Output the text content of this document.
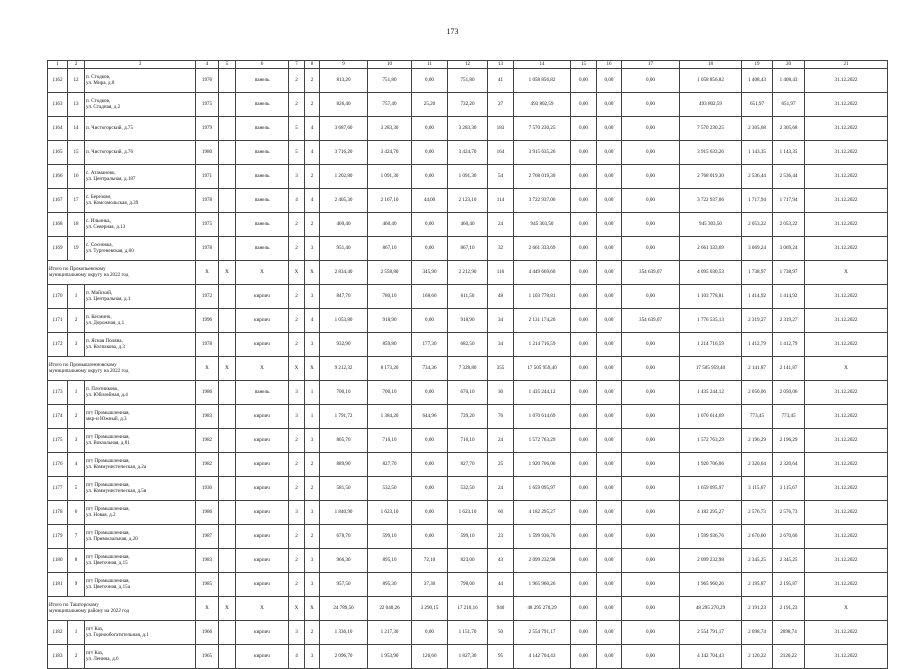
173
1	2	3	4	5	6	7	8	9	10	11	12	13	14	15	16	17	18	19	20	21
1162	12	п. Стодков,
ул. Мира, д.8	1976		панель	2	2	813,20	751,80	0,00	751,80	41	1 058 856,82	0,00	0,00	0,00	1 058 856,82	1 408,43	1 408,43	31.12.2022
1163	13	п. Стодков,
ул. Стадная, д.2	1975		панель	2	2	826,40	757,40	25,20	732,20	27	493 802,59	0,00	0,00	0,00	493 802,59	651,97	651,97	31.12.2022
1164	14	п. Чистогорский, д.75	1979		панель	5	4	3 687,60	3 283,30	0,00	3 283,30	183	7 570 230,25	0,00	0,00	0,00	7 570 230,25	2 305,68	2 305,68	31.12.2022
1165	15	п. Чистогорский, д.76	1980		панель	5	4	3 716,20	3 424,70	0,00	3 424,70	164	3 915 635,26	0,00	0,00	0,00	3 915 633,26	1 143,35	1 143,35	31.12.2022
1166	16	с. Атаманово,
ул. Центральная, д.187	1971		панель	3	2	1 202,80	1 091,30	0,00	1 091,30	54	2 768 019,30	0,00	0,00	0,00	2 768 019,30	2 536,44	2 536,44	31.12.2022
1167	17	с. Березово,
ул. Комсомольская, д.39	1978		панель	4	4	2 405,30	2 167,10	44,00	2 123,10	114	3 722 937,06	0,00	0,00	0,00	3 722 937,06	1 717,94	1 717,94	31.12.2022
1168	18	с. Ильинка,
ул. Северная, д.13	1975		панель	2	2	460,40	460,40	0,00	460,40	24	945 303,50	0,00	0,00	0,00	945 303,50	2 053,22	2 053,22	31.12.2022
1169	19	с. Сосновка,
ул. Тургеневская, д.60	1978		панель	2	3	951,40	867,10	0,00	867,10	32	2 661 333,69	0,00	0,00	0,00	2 661 333,69	3 069,24	3 069,24	31.12.2022
Итого по Прокопьевскому
муниципальному округу на 2022 год			X	X	X	X	X	2 834,40	2 558,80	345,90	2 212,90	116	4 449 669,60	0,00	0,00	354 639,07	4 095 030,53	1 738,97	1 738,97	X
1170	1	п. Майский,
ул. Центральная, д.1	1972		кирпич	2	3	847,70	780,10	168,60	611,50	48	1 103 778,81	0,00	0,00	0,00	1 103 778,81	1 414,92	1 414,92	31.12.2022
1171	2	п. Кесмино,
ул. Дорожная, д.1	1996		кирпич	2	4	1 053,80	918,90	0,00	918,90	34	2 131 174,20	0,00	0,00	354 639,07	1 776 535,13	2 319,27	2 319,27	31.12.2022
1172	3	п. Ясная Поляна,
ул. Колпакова, д.3	1978		кирпич	2	3	932,90	859,80	177,30	682,50	34	1 214 716,59	0,00	0,00	0,00	1 214 716,59	1 412,79	1 412,79	31.12.2022
Итого по Промышленновскому
муниципальному округу на 2022 год			X	X	X	X	X	9 212,32	8 173,20	734,36	7 328,80	355	17 505 959,40	0,00	0,00	0,00	17 505 959,40	2 141,87	2 141,87	X
1173	1	п. Плотниково,
ул. Юбилейная, д.4	1986		панель	3	1	700,10	700,10	0,00	670,10	30	1 435 244,12	0,00	0,00	0,00	1 435 244,12	2 050,06	2 050,06	31.12.2022
1174	2	пгт Промышленная,
мкр-н Южный, д.3	1983		кирпич	3	1	1 791,72	1 384,20	644,96	739,20	76	1 070 614,69	0,00	0,00	0,00	1 070 614,69	773,45	773,45	31.12.2022
1175	3	пгт Промышленная,
ул. Вокзальная, д.81	1982		кирпич	2	3	805,70	716,10	0,00	716,10	24	1 572 763,29	0,00	0,00	0,00	1 572 763,29	2 196,29	2 196,29	31.12.2022
1176	4	пгт Промышленная,
ул. Коммунистическая, д.2а	1982		кирпич	2	2	889,90	827,70	0,00	827,70	25	1 920 706,06	0,00	0,00	0,00	1 920 706,06	2 320,64	2 320,64	31.12.2022
1177	5	пгт Промышленная,
ул. Коммунистическая, д.5в	1930		кирпич	2	2	581,50	532,50	0,00	532,50	24	1 659 095,97	0,00	0,00	0,00	1 659 095,97	3 115,67	3 115,67	31.12.2022
1178	6	пгт Промышленная,
ул. Новая, д.2	1986		кирпич	3	3	1 840,90	1 623,10	0,00	1 623,10	60	4 182 295,27	0,00	0,00	0,00	4 182 295,27	2 576,73	2 576,73	31.12.2022
1179	7	пгт Промышленная,
ул. Привокзальная, д.20	1987		кирпич	2	2	678,70	599,10	0,00	599,10	23	1 599 936,76	0,00	0,00	0,00	1 599 936,76	2 670,60	2 670,60	31.12.2022
1180	8	пгт Промышленная,
ул. Цветочная, д.15	1983		кирпич	2	3	966,30	895,10	72,10	823,00	43	2 099 232,98	0,00	0,00	0,00	2 099 232,98	2 345,25	2 345,25	31.12.2022
1181	9	пгт Промышленная,
ул. Цветочная, д.15а	1985		кирпич	2	3	957,50	895,30	37,30	798,00	44	1 965 960,26	0,00	0,00	0,00	1 965 960,26	2 195,87	2 195,87	31.12.2022
Итого по Ташторскому
муниципальному району на 2022 год			X	X	X	X	X	24 789,56	22 040,26	3 290,15	17 210,16	940	48 295 270,29	0,00	0,00	0,00	48 295 270,29	2 191,23	2 191,23	X
1182	1	пгт Каз,
ул. Горнообогатительная, д.1	1966		кирпич	3	2	1 336,10	1 217,30	0,00	1 151,70	50	2 554 791,17	0,00	0,00	0,00	2 554 791,17	2 098,74	2098,74	31.12.2022
1183	2	пгт Каз,
ул. Ленина, д.6	1965		кирпич	4	3	2 096,70	1 953,90	126,60	1 827,30	95	4 142 704,43	0,00	0,00	0,00	4 142 704,43	2 120,22	2120,22	31.12.2022
